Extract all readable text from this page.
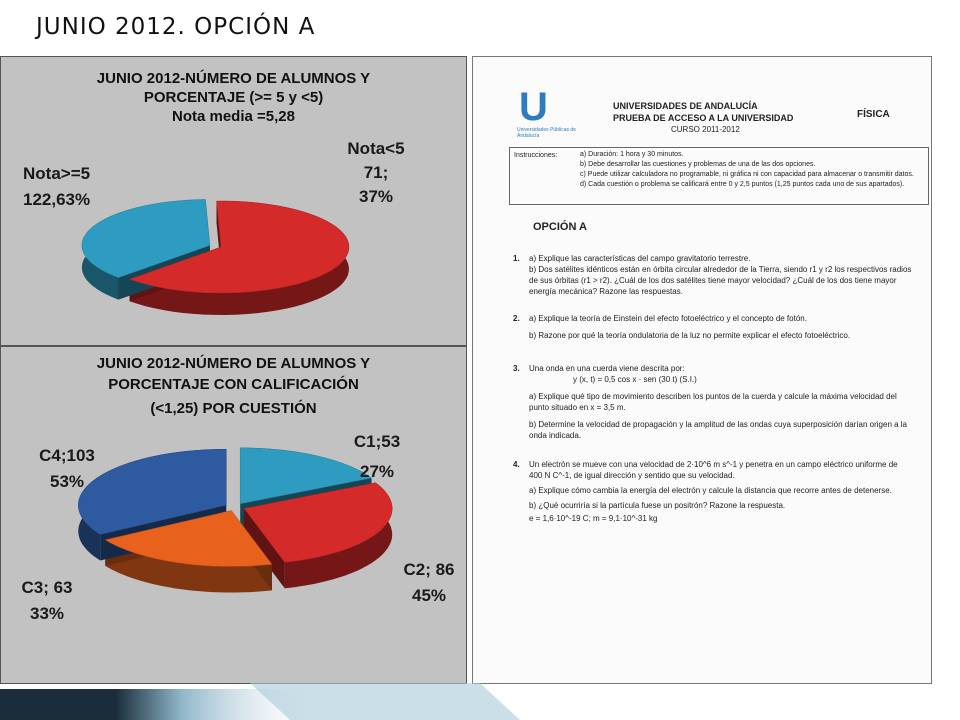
JUNIO 2012. OPCIÓN A
JUNIO 2012-NÚMERO DE ALUMNOS Y
PORCENTAJE (>= 5 y <5)
Nota media =5,28
Nota>=5
122,63%
Nota<5
71;
37%
JUNIO 2012-NÚMERO DE ALUMNOS Y
PORCENTAJE CON CALIFICACIÓN
(<1,25) POR CUESTIÓN
C1;53
27%
C2; 86
45%
C3; 63
33%
C4;103
53%
U
Universidades Públicas de Andalucía
UNIVERSIDADES DE ANDALUCÍA
PRUEBA DE ACCESO A LA UNIVERSIDAD
CURSO 2011-2012
FÍSICA
Instrucciones:	a) Duración: 1 hora y 30 minutos.
b) Debe desarrollar las cuestiones y problemas de una de las dos opciones.
c) Puede utilizar calculadora no programable, ni gráfica ni con capacidad para almacenar o transmitir datos.
d) Cada cuestión o problema se calificará entre 0 y 2,5 puntos (1,25 puntos cada uno de sus apartados).
OPCIÓN A
1.	a) Explique las características del campo gravitatorio terrestre.
b) Dos satélites idénticos están en órbita circular alrededor de la Tierra, siendo r1 y r2 los respectivos radios de sus órbitas (r1 > r2). ¿Cuál de los dos satélites tiene mayor velocidad? ¿Cuál de los dos tiene mayor energía mecánica? Razone las respuestas.
2.	a) Explique la teoría de Einstein del efecto fotoeléctrico y el concepto de fotón.
b) Razone por qué la teoría ondulatoria de la luz no permite explicar el efecto fotoeléctrico.
3.	Una onda en una cuerda viene descrita por:
y (x, t) = 0,5 cos x · sen (30 t) (S.I.)
a) Explique qué tipo de movimiento describen los puntos de la cuerda y calcule la máxima velocidad del punto situado en x = 3,5 m.
b) Determine la velocidad de propagación y la amplitud de las ondas cuya superposición darían origen a la onda indicada.
4.	Un electrón se mueve con una velocidad de 2·10^6 m s^-1 y penetra en un campo eléctrico uniforme de 400 N C^-1, de igual dirección y sentido que su velocidad.
a) Explique cómo cambia la energía del electrón y calcule la distancia que recorre antes de detenerse.
b) ¿Qué ocurriría si la partícula fuese un positrón? Razone la respuesta.
e = 1,6·10^-19 C; m = 9,1·10^-31 kg
